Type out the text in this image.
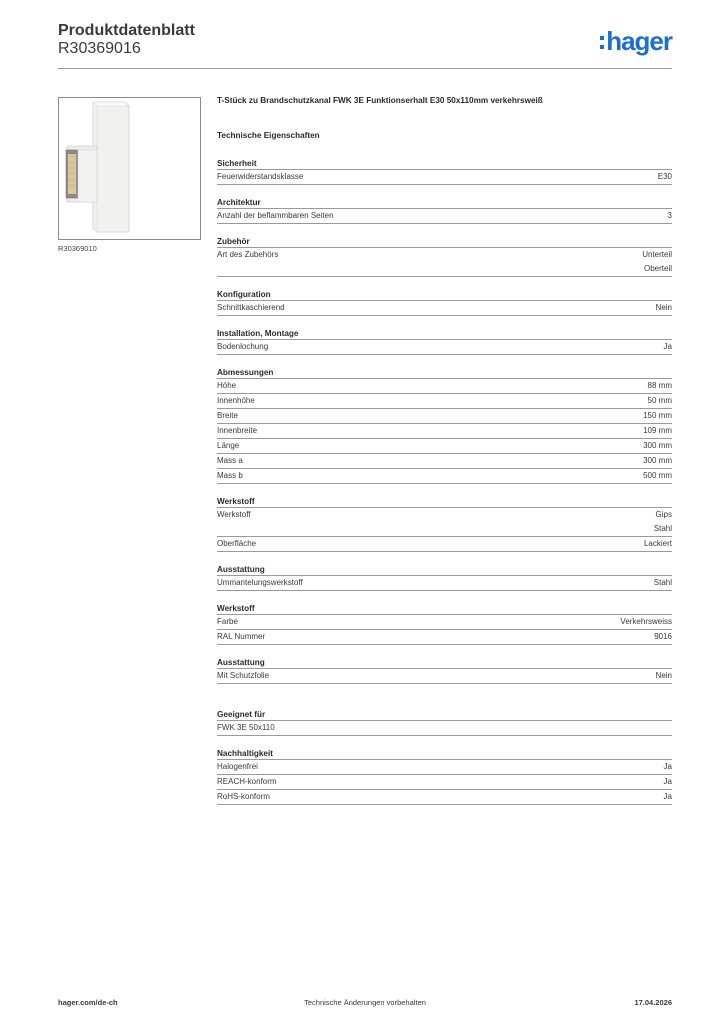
Produktdatenblatt
R30369016	hager
R30369010
T-Stück zu Brandschutzkanal FWK 3E Funktionserhalt E30 50x110mm verkehrsweiß
Technische Eigenschaften
Sicherheit
Feuerwiderstandsklasse	E30
Architektur
Anzahl der beflammbaren Seiten	3
Zubehör
Art des Zubehörs	Unterteil
Oberteil
Konfiguration
Schnittkaschierend	Nein
Installation, Montage
Bodenlochung	Ja
Abmessungen
Höhe	88 mm
Innenhöhe	50 mm
Breite	150 mm
Innenbreite	109 mm
Länge	300 mm
Mass a	300 mm
Mass b	500 mm
Werkstoff
Werkstoff	Gips
Stahl
Oberfläche	Lackiert
Ausstattung
Ummantelungswerkstoff	Stahl
Werkstoff
Farbe	Verkehrsweiss
RAL Nummer	9016
Ausstattung
Mit Schutzfolie	Nein
Geeignet für
FWK 3E 50x110
Nachhaltigkeit
Halogenfrei	Ja
REACH-konform	Ja
RoHS-konform	Ja
hager.com/de-ch	Technische Änderungen vorbehalten	17.04.2026
